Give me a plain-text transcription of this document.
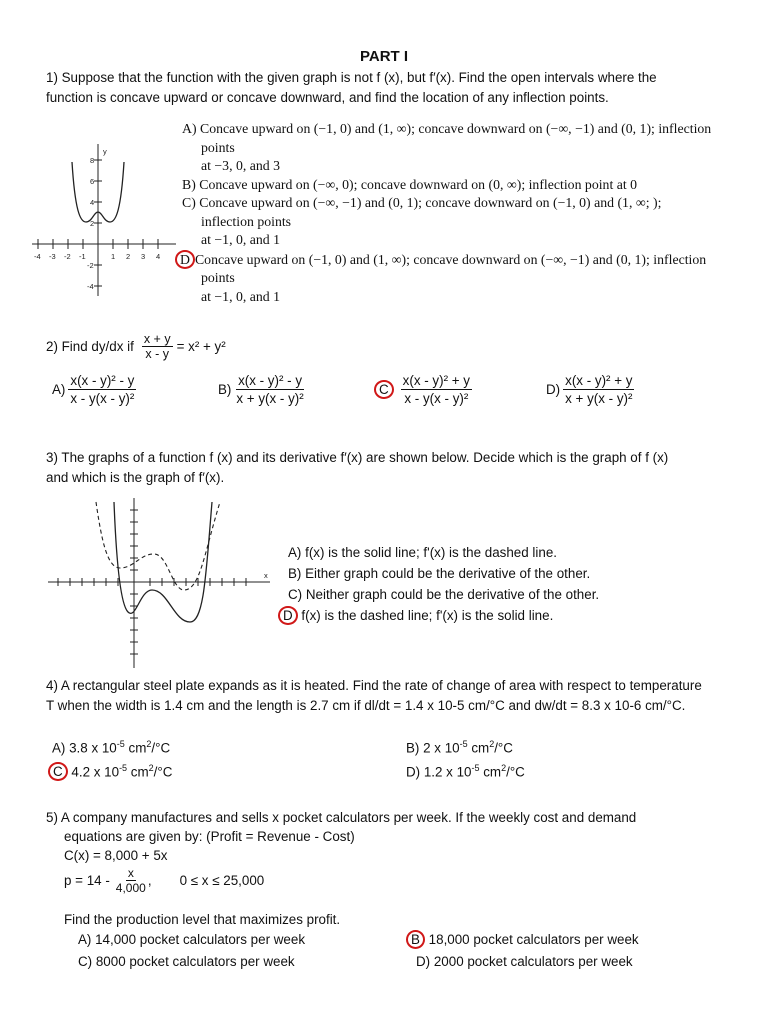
PART I
1) Suppose that the function with the given graph is not f (x), but f′(x). Find the open intervals where the
function is concave upward or concave downward, and find the location of any inflection points.
-4 -3 -2 -1	1 2 3 4
8
6
4
2
-2
-4
y
A) Concave upward on (−1, 0) and (1, ∞); concave downward on (−∞, −1) and (0, 1); inflection
points
at −3, 0, and 3
B) Concave upward on (−∞, 0); concave downward on (0, ∞); inflection point at 0
C) Concave upward on (−∞, −1) and (0, 1); concave downward on (−1, 0) and (1, ∞; );
inflection points
at −1, 0, and 1
D Concave upward on (−1, 0) and (1, ∞); concave downward on (−∞, −1) and (0, 1); inflection
points
at −1, 0, and 1
2) Find dy/dx if $\frac{x + y}{x - y} = x^2 + y^2$
$A) \frac{\text{x(x - y)² - y}}{\text{x - y(x - y)²}}$	$B) \frac{\text{x(x - y)² - y}}{\text{x + y(x - y)²}}$	C $\frac{\text{x(x - y)² + y}}{\text{x - y(x - y)²}}$	$D) \frac{\text{x(x - y)² + y}}{\text{x + y(x - y)²}}$
3) The graphs of a function f (x) and its derivative f′(x) are shown below. Decide which is the graph of f (x)
and which is the graph of f′(x).
x
A) f(x) is the solid line; f'(x) is the dashed line.
B) Either graph could be the derivative of the other.
C) Neither graph could be the derivative of the other.
D f(x) is the dashed line; f'(x) is the solid line.
4) A rectangular steel plate expands as it is heated. Find the rate of change of area with respect to temperature
T when the width is 1.4 cm and the length is 2.7 cm if dl/dt = 1.4 x 10-5 cm/°C and dw/dt = 8.3 x 10-6 cm/°C.
A) 3.8 x $10^{-5}$ $cm^2/^\circ C$	B) 2 x $10^{-5}$ $cm^2/^\circ C$
C 4.2 x $10^{-5}$ $cm^2/^\circ C$	D) 1.2 x $10^{-5}$ $cm^2/^\circ C$
5) A company manufactures and sells x pocket calculators per week. If the weekly cost and demand
equations are given by: (Profit = Revenue - Cost)
C(x) = 8,000 + 5x
$p = 14 - \frac{x}{4,000}$ , 0 ≤ x ≤ 25,000
Find the production level that maximizes profit.
A) 14,000 pocket calculators per week	B 18,000 pocket calculators per week
C) 8000 pocket calculators per week	D) 2000 pocket calculators per week
